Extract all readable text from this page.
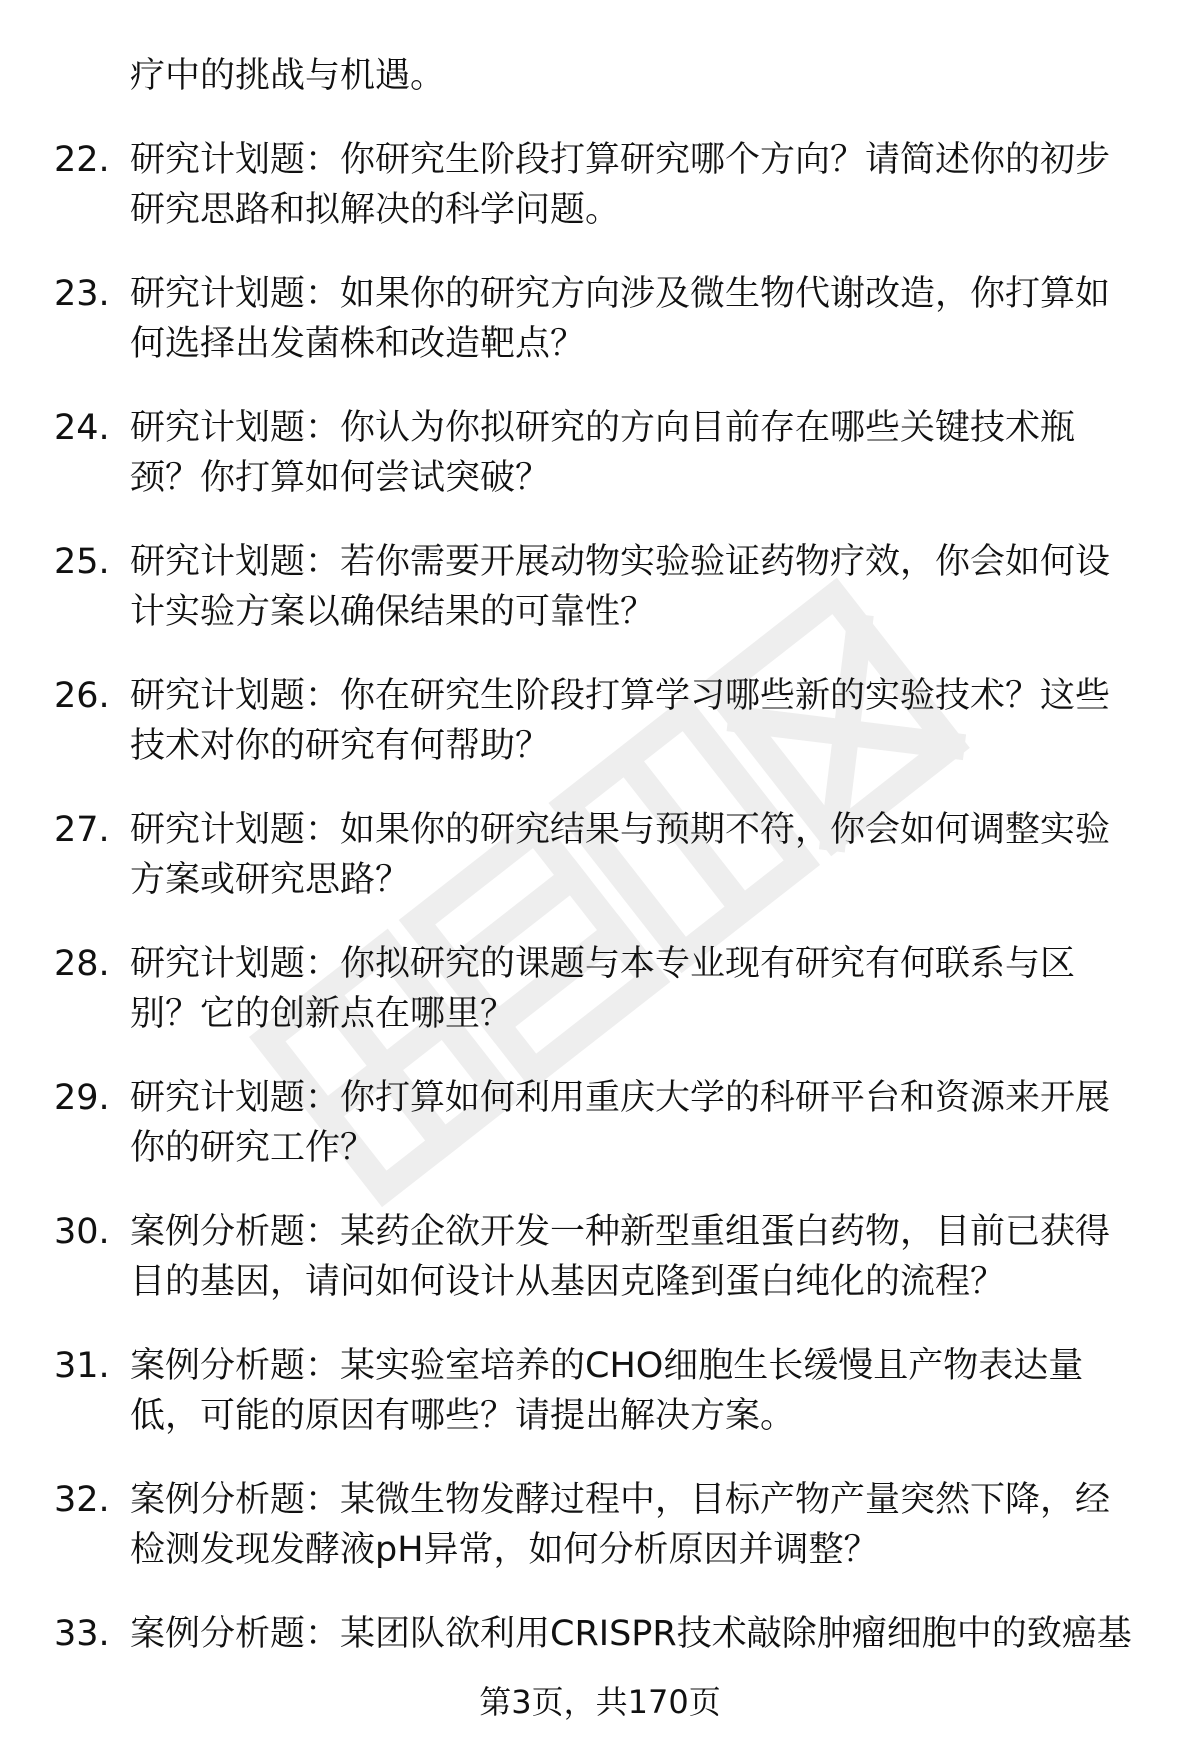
疗中的挑战与机遇。
22. 研究计划题：你研究生阶段打算研究哪个方向？请简述你的初步
研究思路和拟解决的科学问题。
23. 研究计划题：如果你的研究方向涉及微生物代谢改造，你打算如
何选择出发菌株和改造靶点？
24. 研究计划题：你认为你拟研究的方向目前存在哪些关键技术瓶
颈？你打算如何尝试突破？
25. 研究计划题：若你需要开展动物实验验证药物疗效，你会如何设
计实验方案以确保结果的可靠性？
26. 研究计划题：你在研究生阶段打算学习哪些新的实验技术？这些
技术对你的研究有何帮助？
27. 研究计划题：如果你的研究结果与预期不符，你会如何调整实验
方案或研究思路？
28. 研究计划题：你拟研究的课题与本专业现有研究有何联系与区
别？它的创新点在哪里？
29. 研究计划题：你打算如何利用重庆大学的科研平台和资源来开展
你的研究工作？
30. 案例分析题：某药企欲开发一种新型重组蛋白药物，目前已获得
目的基因，请问如何设计从基因克隆到蛋白纯化的流程？
31. 案例分析题：某实验室培养的CHO细胞生长缓慢且产物表达量
低，可能的原因有哪些？请提出解决方案。
32. 案例分析题：某微生物发酵过程中，目标产物产量突然下降，经
检测发现发酵液pH异常，如何分析原因并调整？
33. 案例分析题：某团队欲利用CRISPR技术敲除肿瘤细胞中的致癌基
第3页，共170页
